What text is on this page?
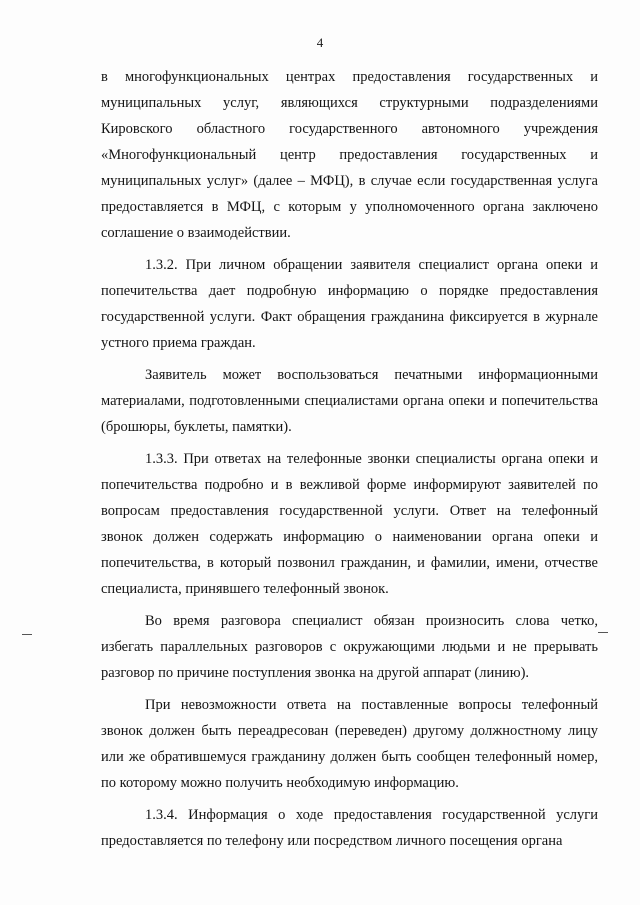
4

в многофункциональных центрах предоставления государственных и муниципальных услуг, являющихся структурными подразделениями Кировского областного государственного автономного учреждения «Многофункциональный центр предоставления государственных и муниципальных услуг» (далее – МФЦ), в случае если государственная услуга предоставляется в МФЦ, с которым у уполномоченного органа заключено соглашение о взаимодействии.

1.3.2. При личном обращении заявителя специалист органа опеки и попечительства дает подробную информацию о порядке предоставления государственной услуги. Факт обращения гражданина фиксируется в журнале устного приема граждан.

Заявитель может воспользоваться печатными информационными материалами, подготовленными специалистами органа опеки и попечительства (брошюры, буклеты, памятки).

1.3.3. При ответах на телефонные звонки специалисты органа опеки и попечительства подробно и в вежливой форме информируют заявителей по вопросам предоставления государственной услуги. Ответ на телефонный звонок должен содержать информацию о наименовании органа опеки и попечительства, в который позвонил гражданин, и фамилии, имени, отчестве специалиста, принявшего телефонный звонок.

Во время разговора специалист обязан произносить слова четко, избегать параллельных разговоров с окружающими людьми и не прерывать разговор по причине поступления звонка на другой аппарат (линию).

При невозможности ответа на поставленные вопросы телефонный звонок должен быть переадресован (переведен) другому должностному лицу или же обратившемуся гражданину должен быть сообщен телефонный номер, по которому можно получить необходимую информацию.

1.3.4. Информация о ходе предоставления государственной услуги предоставляется по телефону или посредством личного посещения органа
